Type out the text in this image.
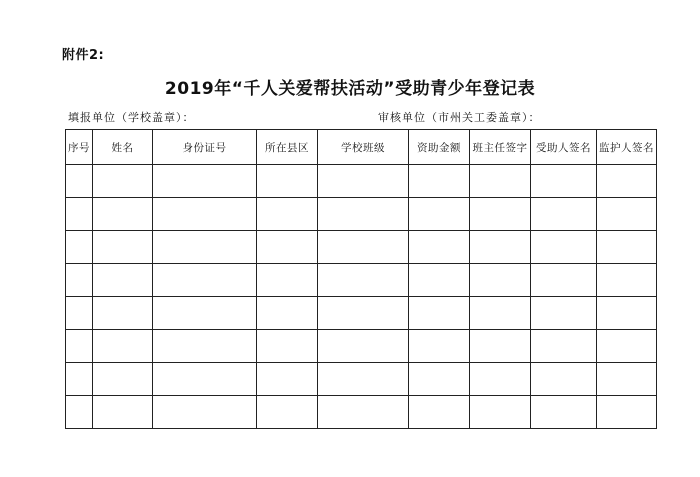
附件2:
2019年“千人关爱帮扶活动”受助青少年登记表
填报单位（学校盖章）：	审核单位（市州关工委盖章）：
序号	姓名	身份证号	所在县区	学校班级	资助金额	班主任签字	受助人签名	监护人签名
